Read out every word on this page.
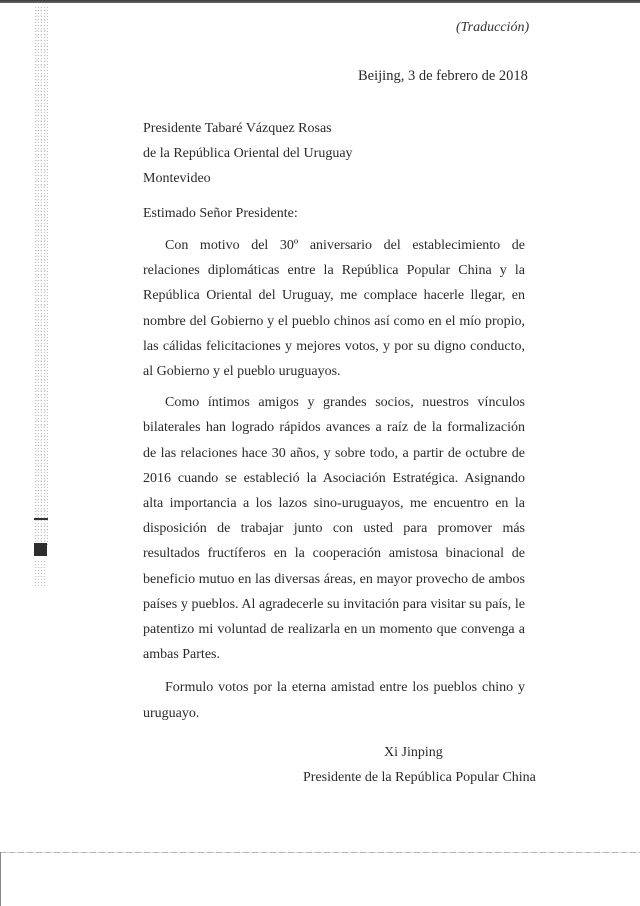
(Traducción)
Beijing, 3 de febrero de 2018
Presidente Tabaré Vázquez Rosas
de la República Oriental del Uruguay
Montevideo
Estimado Señor Presidente:

Con motivo del 30º aniversario del establecimiento de relaciones diplomáticas entre la República Popular China y la República Oriental del Uruguay, me complace hacerle llegar, en nombre del Gobierno y el pueblo chinos así como en el mío propio, las cálidas felicitaciones y mejores votos, y por su digno conducto, al Gobierno y el pueblo uruguayos.

Como íntimos amigos y grandes socios, nuestros vínculos bilaterales han logrado rápidos avances a raíz de la formalización de las relaciones hace 30 años, y sobre todo, a partir de octubre de 2016 cuando se estableció la Asociación Estratégica. Asignando alta importancia a los lazos sino-uruguayos, me encuentro en la disposición de trabajar junto con usted para promover más resultados fructíferos en la cooperación amistosa binacional de beneficio mutuo en las diversas áreas, en mayor provecho de ambos países y pueblos. Al agradecerle su invitación para visitar su país, le patentizo mi voluntad de realizarla en un momento que convenga a ambas Partes.

Formulo votos por la eterna amistad entre los pueblos chino y uruguayo.

Xi Jinping
Presidente de la República Popular China
